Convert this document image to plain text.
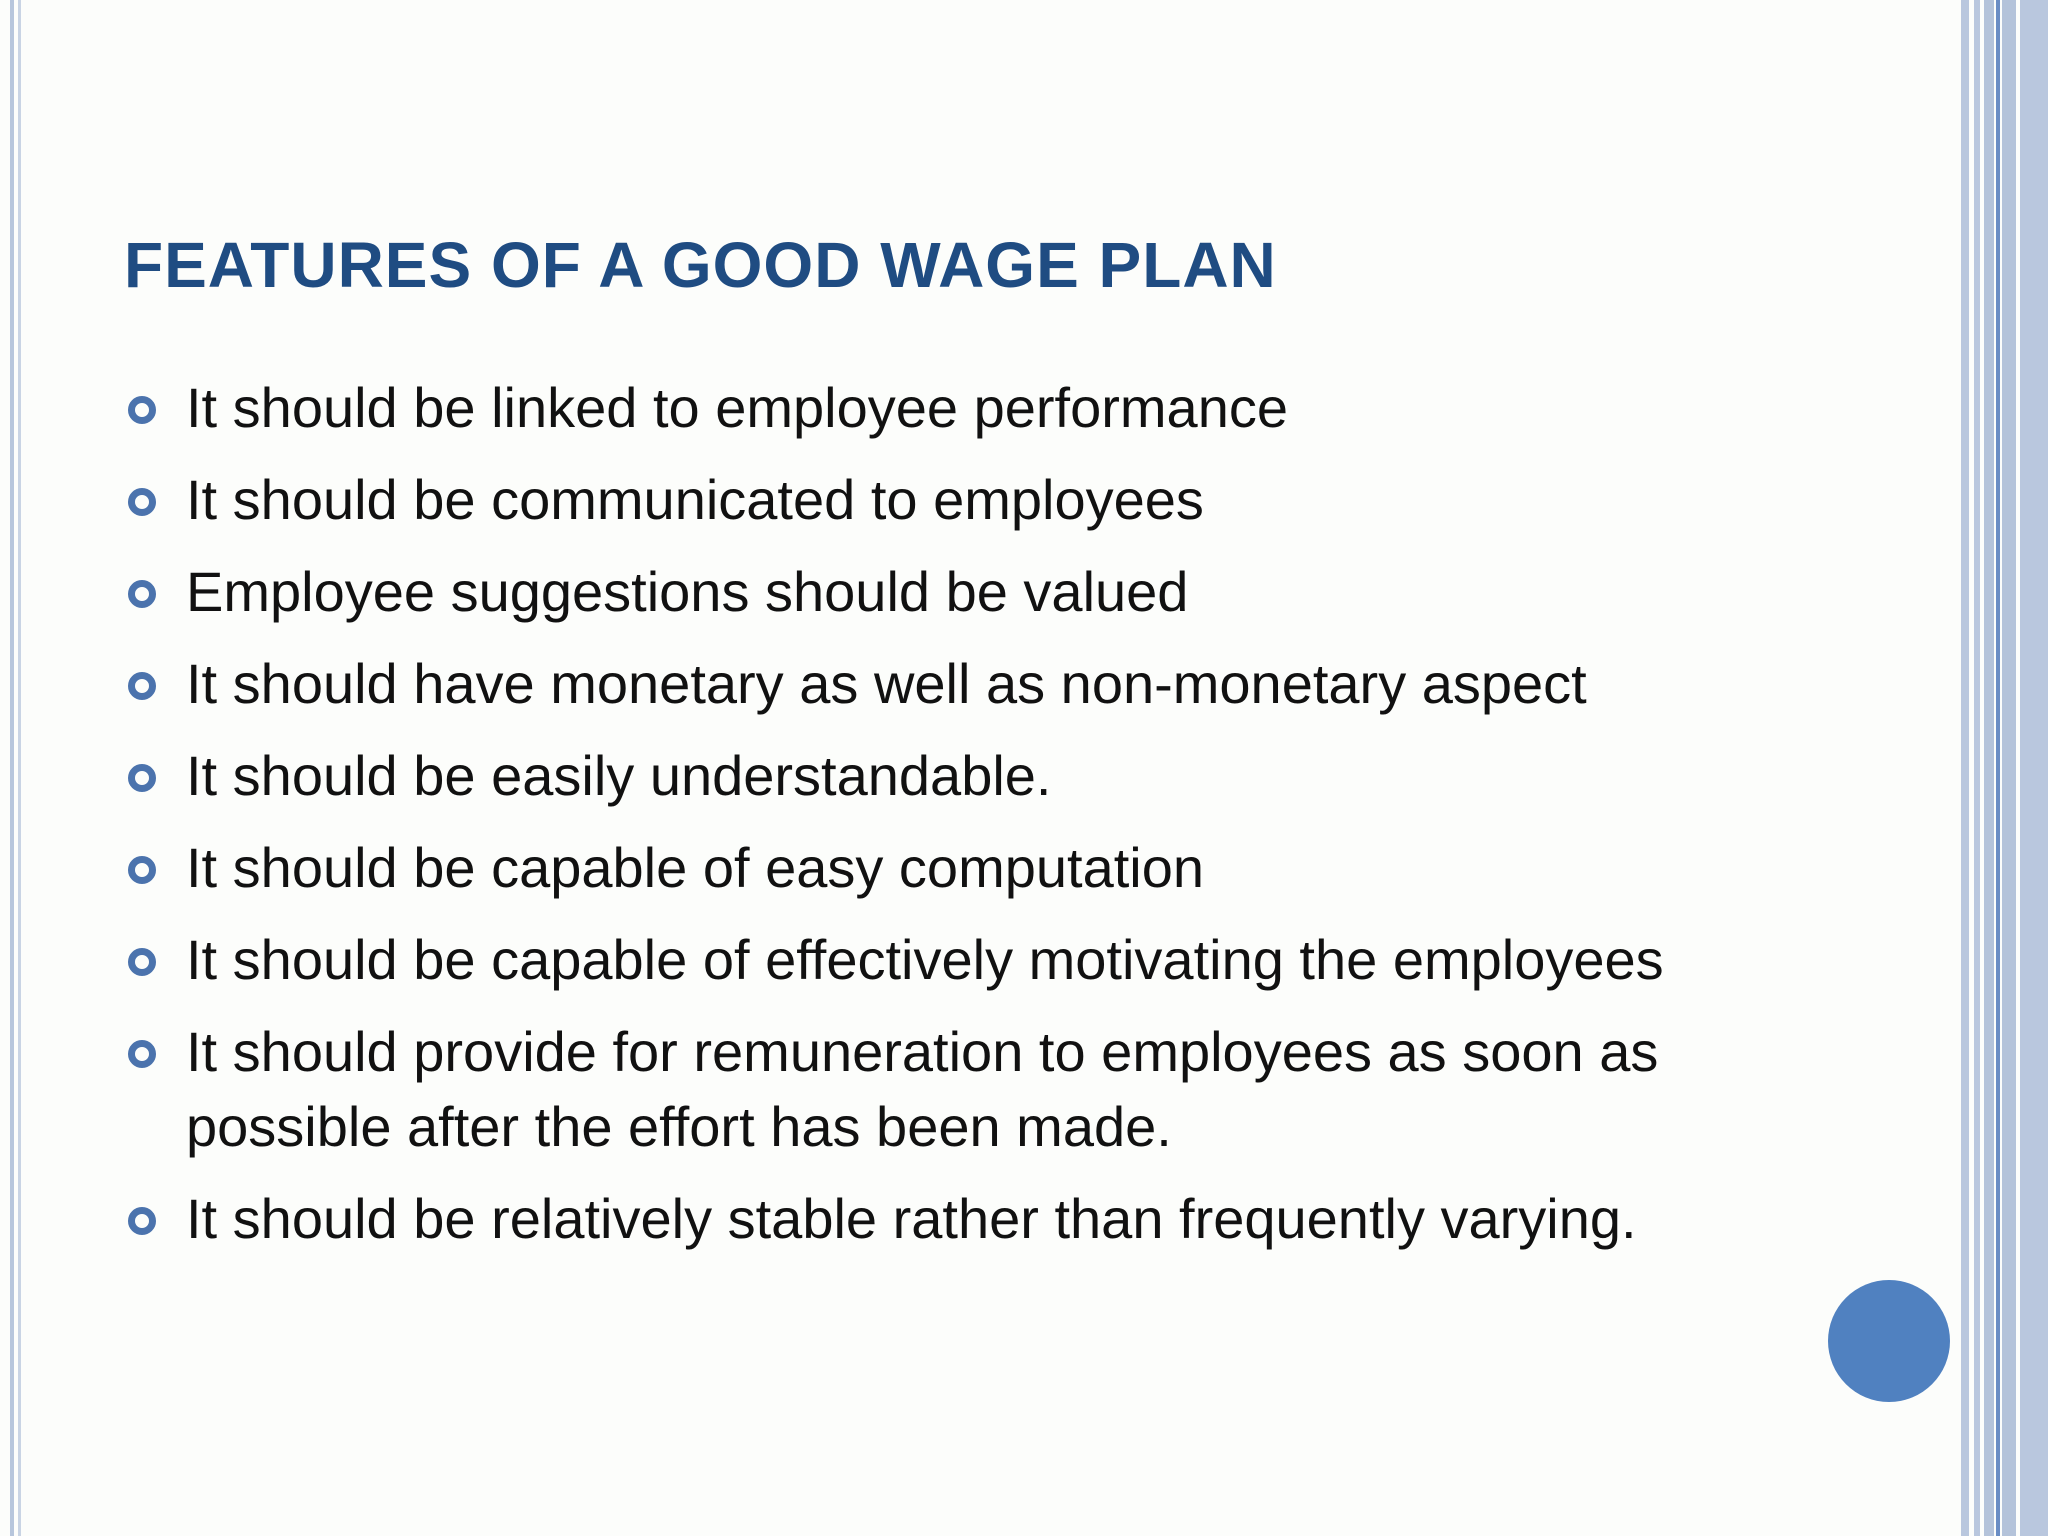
FEATURES OF A GOOD WAGE PLAN
It should be linked to employee performance
It should be communicated to employees
Employee suggestions should be valued
It should have monetary as well as non-monetary aspect
It should be easily understandable.
It should be capable of easy computation
It should be capable of effectively motivating the employees
It should provide for remuneration to employees as soon as possible after the effort has been made.
It should be relatively stable rather than frequently varying.
